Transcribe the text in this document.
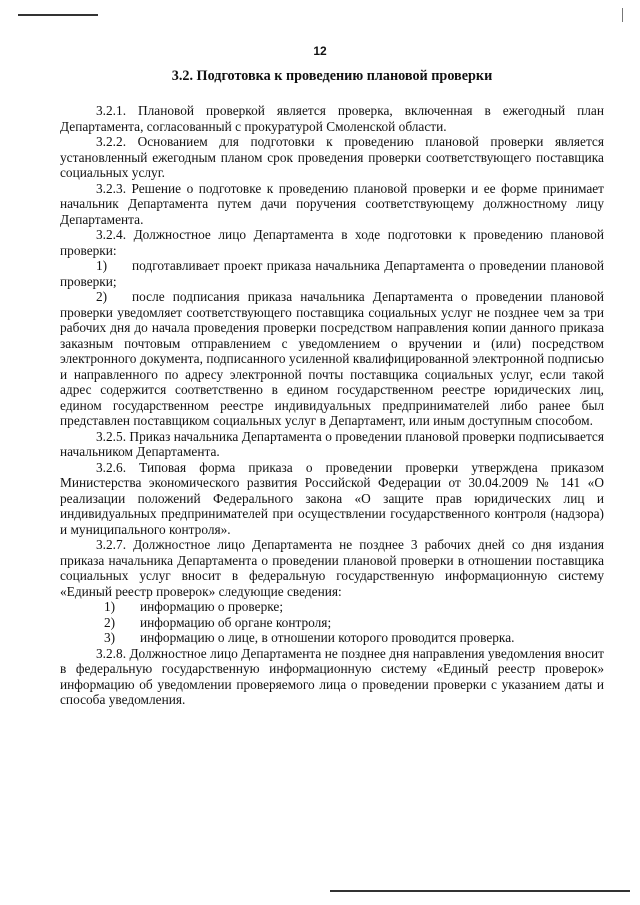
12
3.2. Подготовка к проведению плановой проверки

3.2.1. Плановой проверкой является проверка, включенная в ежегодный план Департамента, согласованный с прокуратурой Смоленской области.

3.2.2. Основанием для подготовки к проведению плановой проверки является установленный ежегодным планом срок проведения проверки соответствующего поставщика социальных услуг.

3.2.3. Решение о подготовке к проведению плановой проверки и ее форме принимает начальник Департамента путем дачи поручения соответствующему должностному лицу Департамента.

3.2.4. Должностное лицо Департамента в ходе подготовки к проведению плановой проверки:

1) подготавливает проект приказа начальника Департамента о проведении плановой проверки;

2) после подписания приказа начальника Департамента о проведении плановой проверки уведомляет соответствующего поставщика социальных услуг не позднее чем за три рабочих дня до начала проведения проверки посредством направления копии данного приказа заказным почтовым отправлением с уведомлением о вручении и (или) посредством электронного документа, подписанного усиленной квалифицированной электронной подписью и направленного по адресу электронной почты поставщика социальных услуг, если такой адрес содержится соответственно в едином государственном реестре юридических лиц, едином государственном реестре индивидуальных предпринимателей либо ранее был представлен поставщиком социальных услуг в Департамент, или иным доступным способом.

3.2.5. Приказ начальника Департамента о проведении плановой проверки подписывается начальником Департамента.

3.2.6. Типовая форма приказа о проведении проверки утверждена приказом Министерства экономического развития Российской Федерации от 30.04.2009 № 141 «О реализации положений Федерального закона «О защите прав юридических лиц и индивидуальных предпринимателей при осуществлении государственного контроля (надзора) и муниципального контроля».

3.2.7. Должностное лицо Департамента не позднее 3 рабочих дней со дня издания приказа начальника Департамента о проведении плановой проверки в отношении поставщика социальных услуг вносит в федеральную государственную информационную систему «Единый реестр проверок» следующие сведения:

1) информацию о проверке;

2) информацию об органе контроля;

3) информацию о лице, в отношении которого проводится проверка.

3.2.8. Должностное лицо Департамента не позднее дня направления уведомления вносит в федеральную государственную информационную систему «Единый реестр проверок» информацию об уведомлении проверяемого лица о проведении проверки с указанием даты и способа уведомления.
